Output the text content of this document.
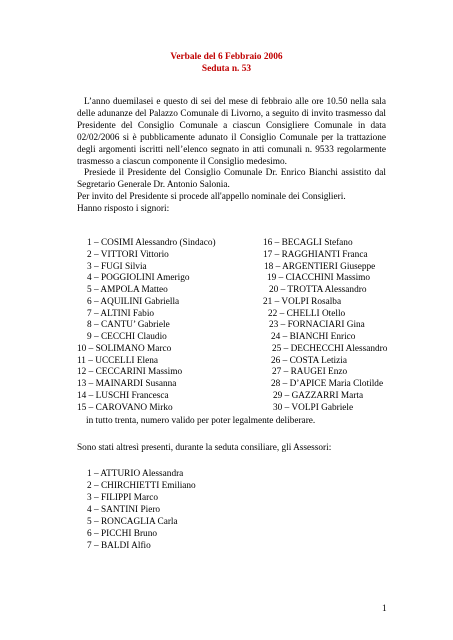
Verbale del 6 Febbraio 2006
Seduta n. 53

L’anno duemilasei e questo di sei del mese di febbraio alle ore 10.50 nella sala delle adunanze del Palazzo Comunale di Livorno, a seguito di invito trasmesso dal Presidente del Consiglio Comunale a ciascun Consigliere Comunale in data 02/02/2006 si è pubblicamente adunato il Consiglio Comunale per la trattazione degli argomenti iscritti nell’elenco segnato in atti comunali n. 9533 regolarmente trasmesso a ciascun componente il Consiglio medesimo.

Presiede il Presidente del Consiglio Comunale Dr. Enrico Bianchi assistito dal Segretario Generale Dr. Antonio Salonia.

Per invito del Presidente si procede all'appello nominale dei Consiglieri.

Hanno risposto i signori:

1 – COSIMI Alessandro (Sindaco)
2 – VITTORI Vittorio
3 – FUGI Silvia
4 – POGGIOLINI Amerigo
5 – AMPOLA Matteo
6 – AQUILINI Gabriella
7 – ALTINI Fabio
8 – CANTU’ Gabriele
9 – CECCHI Claudio
10 – SOLIMANO Marco
11 – UCCELLI Elena
12 – CECCARINI Massimo
13 – MAINARDI Susanna
14 – LUSCHI Francesca
15 – CAROVANO Mirko
16 – BECAGLI Stefano
17 – RAGGHIANTI Franca
18 – ARGENTIERI Giuseppe
19 – CIACCHINI Massimo
20 – TROTTA Alessandro
21 – VOLPI Rosalba
22 – CHELLI Otello
23 – FORNACIARI Gina
24 – BIANCHI Enrico
25 – DECHECCHI Alessandro
26 – COSTA Letizia
27 – RAUGEI Enzo
28 – D’APICE Maria Clotilde
29 – GAZZARRI Marta
30 – VOLPI Gabriele
in tutto trenta, numero valido per poter legalmente deliberare.
Sono stati altresì presenti, durante la seduta consiliare, gli Assessori:
1 – ATTURIO Alessandra
2 – CHIRCHIETTI Emiliano
3 – FILIPPI Marco
4 – SANTINI Piero
5 – RONCAGLIA Carla
6 – PICCHI Bruno
7 – BALDI Alfio
1
